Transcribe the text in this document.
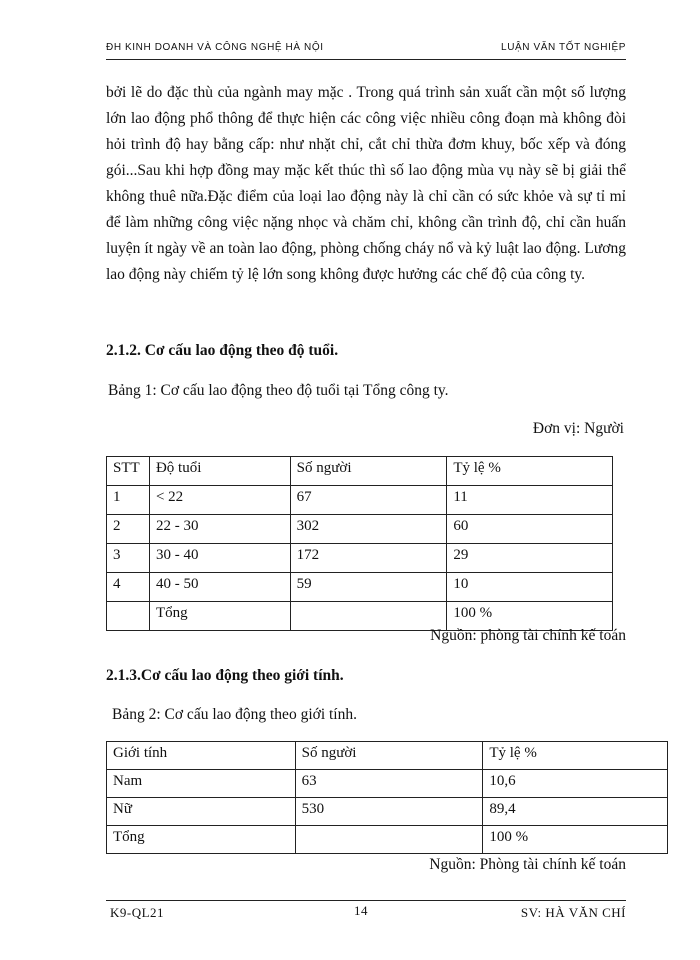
ĐH KINH DOANH VÀ CÔNG NGHỆ HÀ NỘI	LUẬN VĂN TỐT NGHIỆP
bởi lẽ do đặc thù của ngành may mặc . Trong quá trình sản xuất cần một số lượng lớn lao động phổ thông để thực hiện các công việc nhiều công đoạn mà không đòi hỏi trình độ hay bằng cấp: như nhặt chỉ, cắt chỉ thừa đơm khuy, bốc xếp và đóng gói...Sau khi hợp đồng may mặc kết thúc thì số lao động mùa vụ này sẽ bị giải thể không thuê nữa.Đặc điểm của loại lao động này là chỉ cần có sức khỏe và sự tỉ mỉ để làm những công việc nặng nhọc và chăm chỉ, không cần trình độ, chỉ cần huấn luyện ít ngày về an toàn lao động, phòng chống cháy nổ và kỷ luật lao động. Lương lao động này chiếm tỷ lệ lớn song không được hưởng các chế độ của công ty.
2.1.2. Cơ cấu lao động theo độ tuổi.
Bảng 1: Cơ cấu lao động theo độ tuổi tại Tổng công ty.
Đơn vị: Người
STT	Độ tuổi	Số người	Tỷ lệ %
1	< 22	67	11
2	22 - 30	302	60
3	30 - 40	172	29
4	40 - 50	59	10
	Tổng		100 %
Nguồn: phòng tài chính kế toán
2.1.3.Cơ cấu lao động theo giới tính.
Bảng 2: Cơ cấu lao động theo giới tính.
Giới tính	Số người	Tỷ lệ %
Nam	63	10,6
Nữ	530	89,4
Tổng		100 %
Nguồn: Phòng tài chính kế toán
K9-QL21	14	SV: HÀ VĂN CHÍ
